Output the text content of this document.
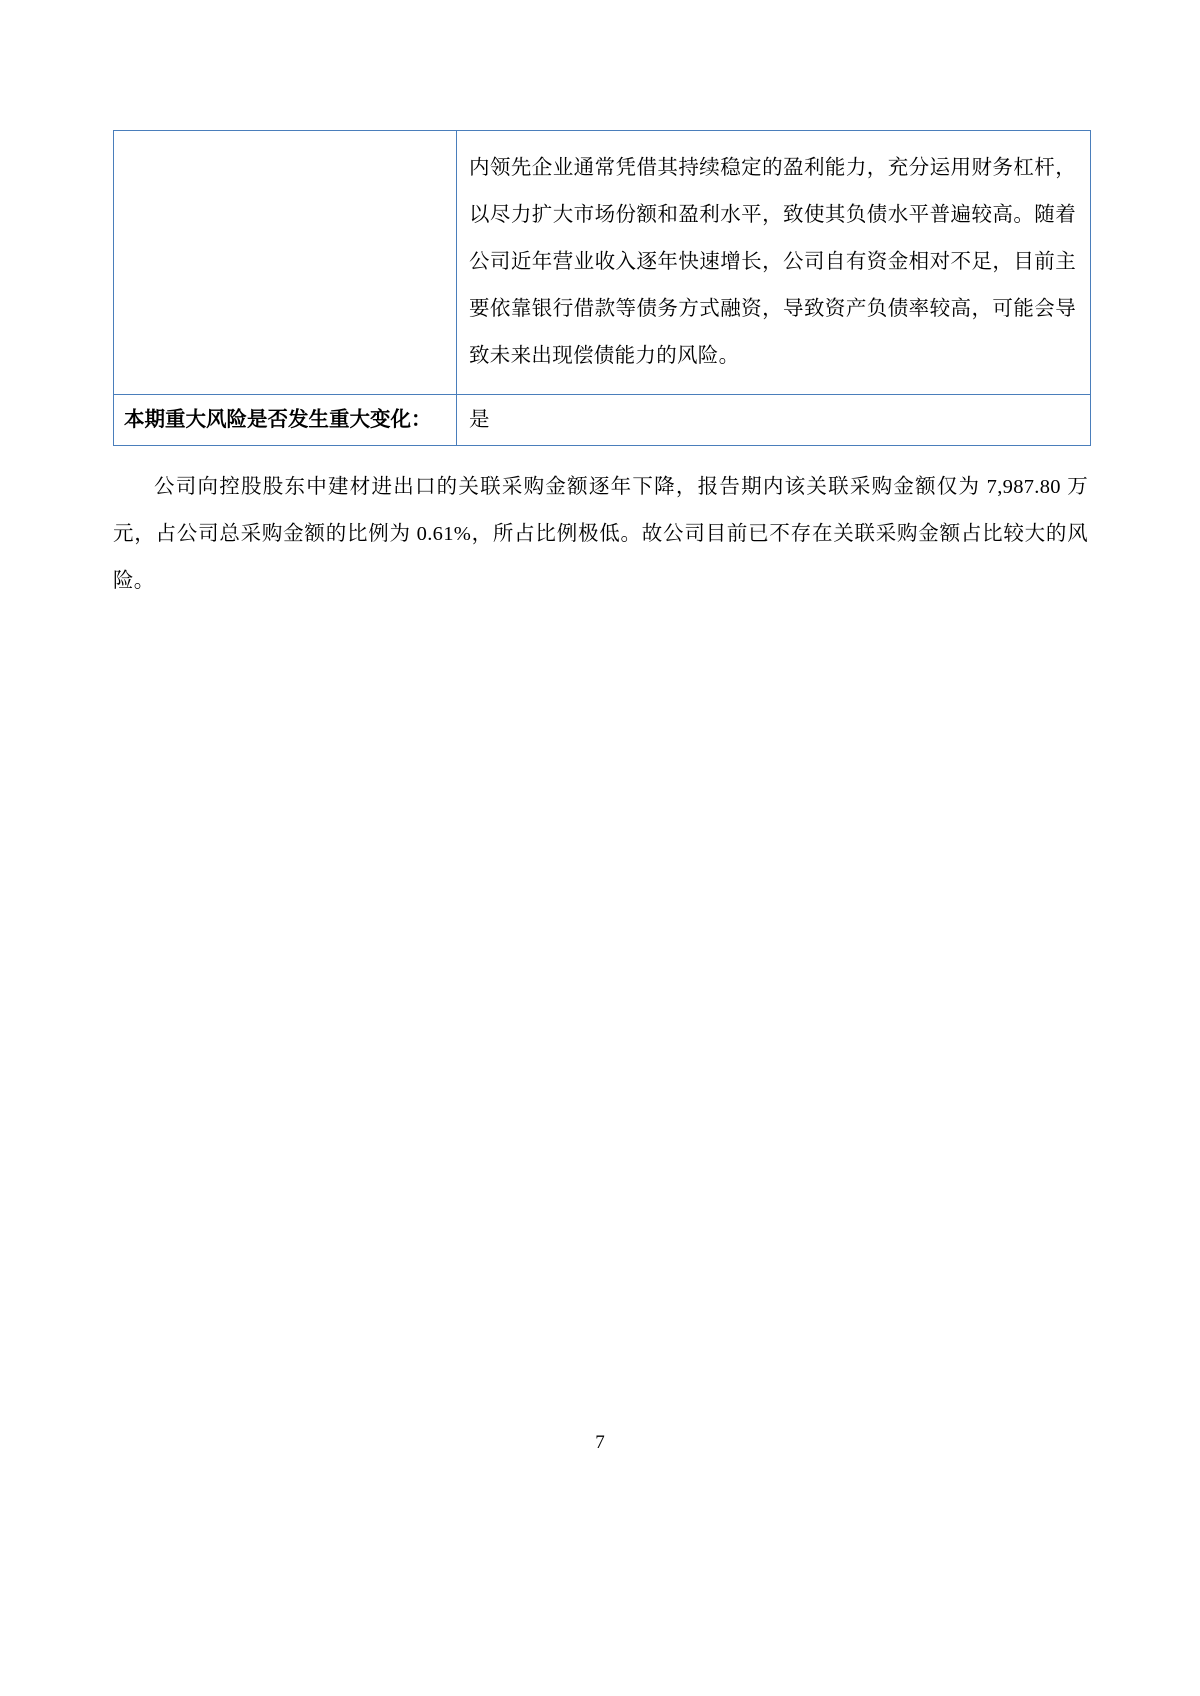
	内领先企业通常凭借其持续稳定的盈利能力，充分运用财务杠杆，以尽力扩大市场份额和盈利水平，致使其负债水平普遍较高。随着公司近年营业收入逐年快速增长，公司自有资金相对不足，目前主要依靠银行借款等债务方式融资，导致资产负债率较高，可能会导致未来出现偿债能力的风险。

本期重大风险是否发生重大变化：	是

公司向控股股东中建材进出口的关联采购金额逐年下降，报告期内该关联采购金额仅为 7,987.80 万元，占公司总采购金额的比例为 0.61%，所占比例极低。故公司目前已不存在关联采购金额占比较大的风险。

7
